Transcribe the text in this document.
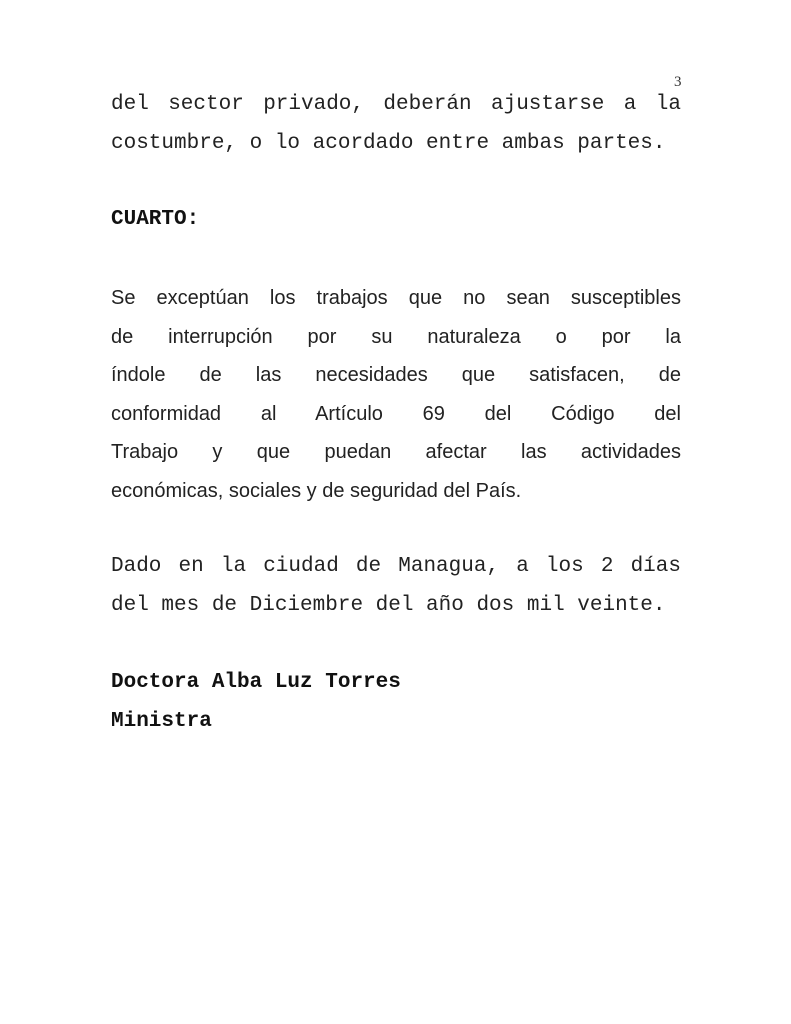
3
del sector privado, deberán ajustarse a la
costumbre, o lo acordado entre ambas partes.
CUARTO:
Se exceptúan los trabajos que no sean susceptibles
de interrupción por su naturaleza o por la
índole de las necesidades que satisfacen, de
conformidad al Artículo 69 del Código del
Trabajo y que puedan afectar las actividades
económicas, sociales y de seguridad del País.
Dado en la ciudad de Managua, a los 2 días
del mes de Diciembre del año dos mil veinte.
Doctora Alba Luz Torres
Ministra
